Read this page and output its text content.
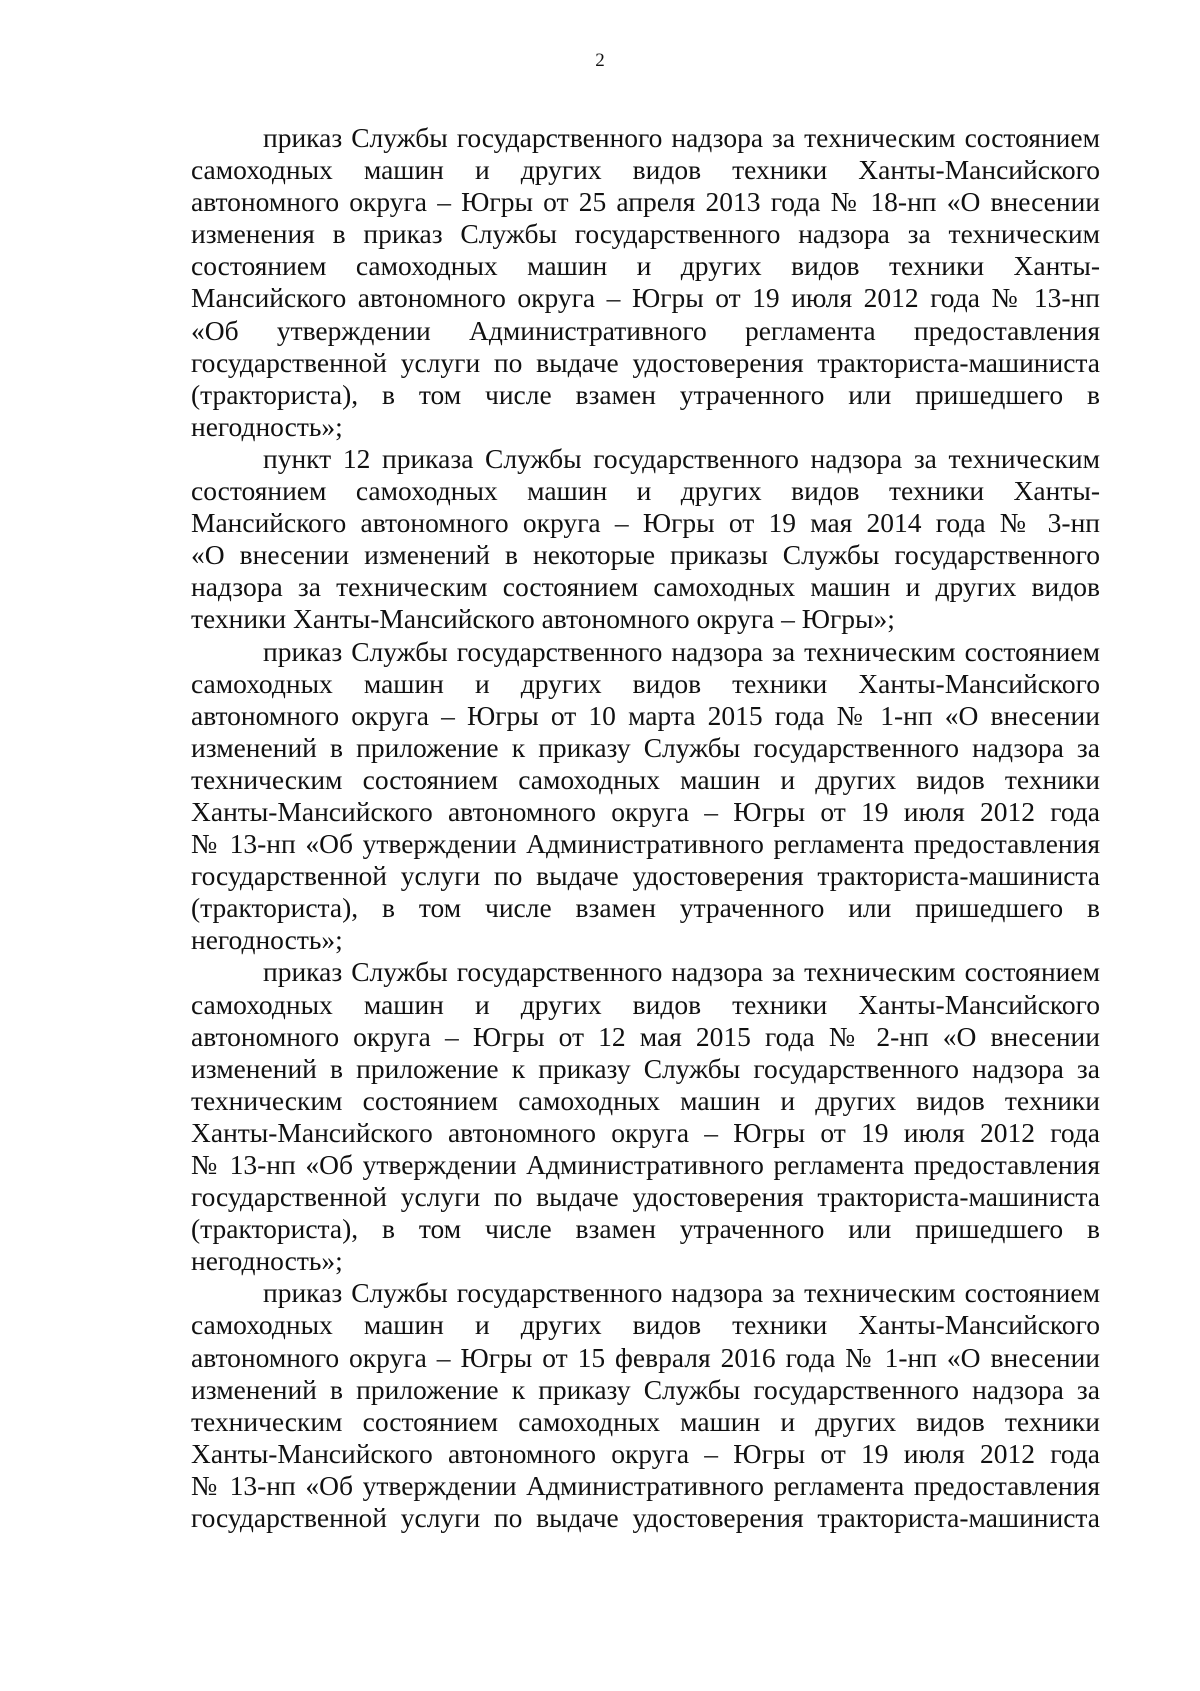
2
приказ Службы государственного надзора за техническим состоянием
самоходных машин и других видов техники Ханты-Мансийского
автономного округа – Югры от 25 апреля 2013 года № 18-нп «О внесении
изменения в приказ Службы государственного надзора за техническим
состоянием самоходных машин и других видов техники Ханты-
Мансийского автономного округа – Югры от 19 июля 2012 года № 13-нп
«Об утверждении Административного регламента предоставления
государственной услуги по выдаче удостоверения тракториста-машиниста
(тракториста), в том числе взамен утраченного или пришедшего в
негодность»;
пункт 12 приказа Службы государственного надзора за техническим
состоянием самоходных машин и других видов техники Ханты-
Мансийского автономного округа – Югры от 19 мая 2014 года № 3-нп
«О внесении изменений в некоторые приказы Службы государственного
надзора за техническим состоянием самоходных машин и других видов
техники Ханты-Мансийского автономного округа – Югры»;
приказ Службы государственного надзора за техническим состоянием
самоходных машин и других видов техники Ханты-Мансийского
автономного округа – Югры от 10 марта 2015 года № 1-нп «О внесении
изменений в приложение к приказу Службы государственного надзора за
техническим состоянием самоходных машин и других видов техники
Ханты-Мансийского автономного округа – Югры от 19 июля 2012 года
№ 13-нп «Об утверждении Административного регламента предоставления
государственной услуги по выдаче удостоверения тракториста-машиниста
(тракториста), в том числе взамен утраченного или пришедшего в
негодность»;
приказ Службы государственного надзора за техническим состоянием
самоходных машин и других видов техники Ханты-Мансийского
автономного округа – Югры от 12 мая 2015 года № 2-нп «О внесении
изменений в приложение к приказу Службы государственного надзора за
техническим состоянием самоходных машин и других видов техники
Ханты-Мансийского автономного округа – Югры от 19 июля 2012 года
№ 13-нп «Об утверждении Административного регламента предоставления
государственной услуги по выдаче удостоверения тракториста-машиниста
(тракториста), в том числе взамен утраченного или пришедшего в
негодность»;
приказ Службы государственного надзора за техническим состоянием
самоходных машин и других видов техники Ханты-Мансийского
автономного округа – Югры от 15 февраля 2016 года № 1-нп «О внесении
изменений в приложение к приказу Службы государственного надзора за
техническим состоянием самоходных машин и других видов техники
Ханты-Мансийского автономного округа – Югры от 19 июля 2012 года
№ 13-нп «Об утверждении Административного регламента предоставления
государственной услуги по выдаче удостоверения тракториста-машиниста
